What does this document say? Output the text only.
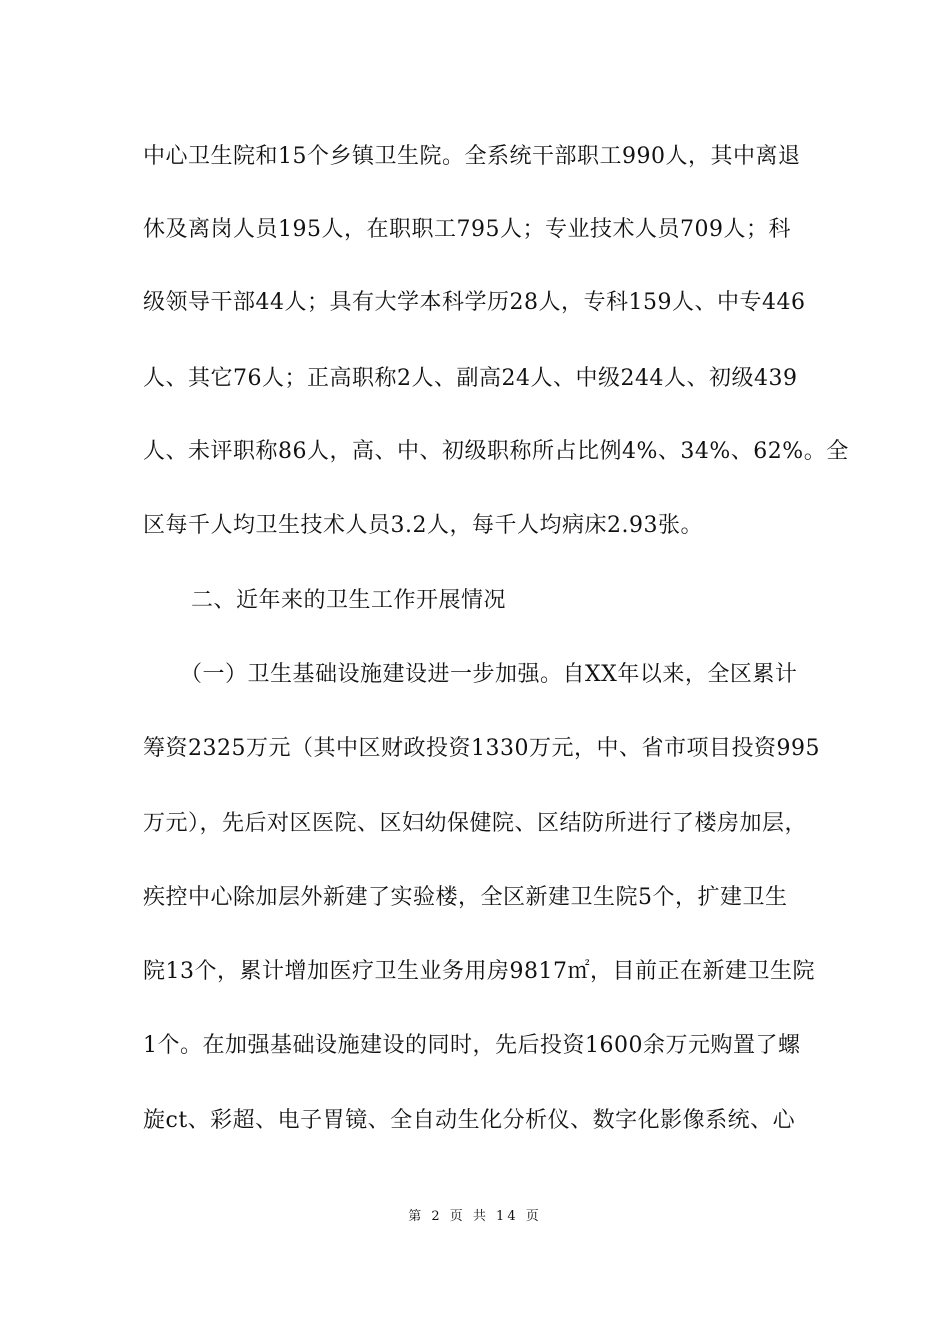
中心卫生院和15个乡镇卫生院。全系统干部职工990人，其中离退
休及离岗人员195人，在职职工795人；专业技术人员709人；科
级领导干部44人；具有大学本科学历28人，专科159人、中专446
人、其它76人；正高职称2人、副高24人、中级244人、初级439
人、未评职称86人，高、中、初级职称所占比例4%、34%、62%。全
区每千人均卫生技术人员3.2人，每千人均病床2.93张。
二、近年来的卫生工作开展情况
（一）卫生基础设施建设进一步加强。自XX年以来，全区累计
筹资2325万元（其中区财政投资1330万元，中、省市项目投资995
万元），先后对区医院、区妇幼保健院、区结防所进行了楼房加层，
疾控中心除加层外新建了实验楼，全区新建卫生院5个，扩建卫生
院13个，累计增加医疗卫生业务用房9817㎡，目前正在新建卫生院
1个。在加强基础设施建设的同时，先后投资1600余万元购置了螺
旋ct、彩超、电子胃镜、全自动生化分析仪、数字化影像系统、心
第 2 页 共 14 页
